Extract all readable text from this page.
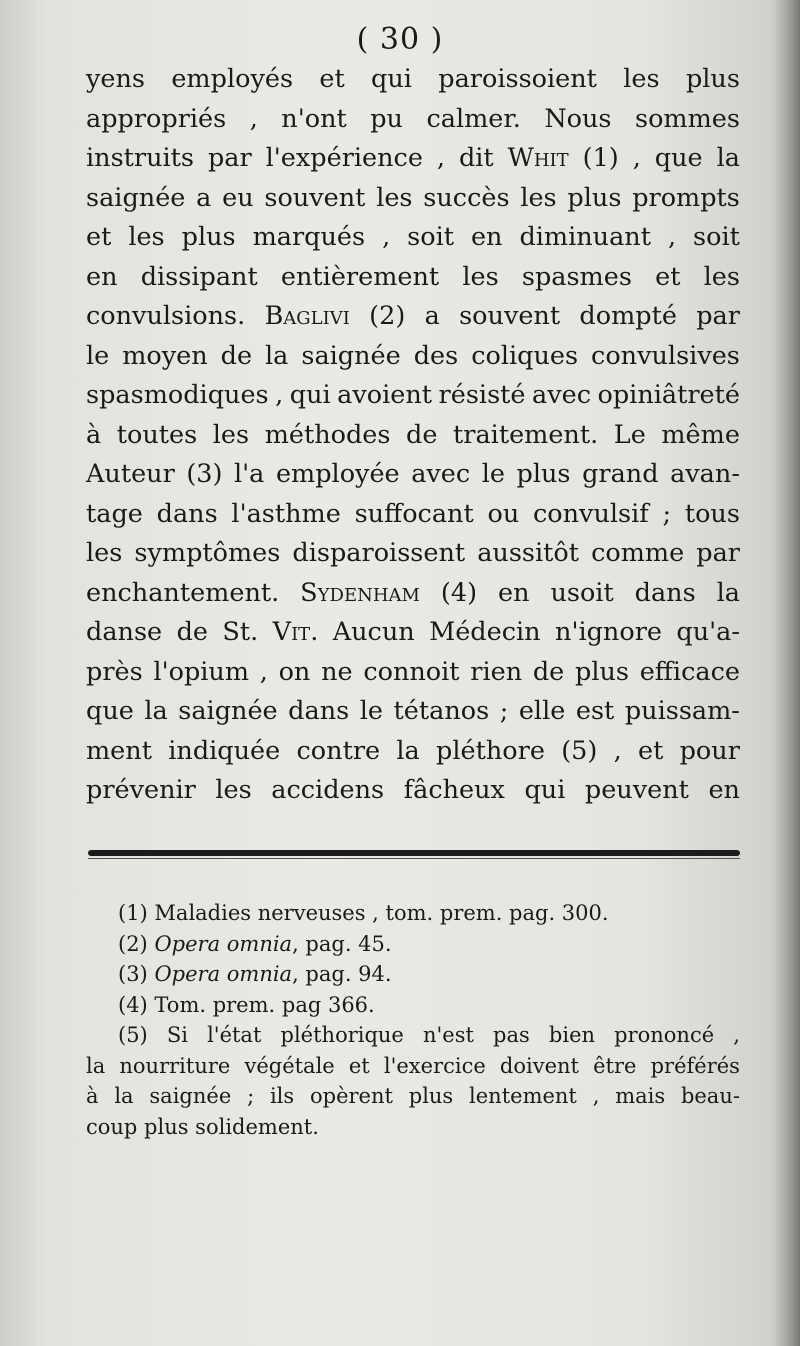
( 30 )
yens employés et qui paroissoient les plus
appropriés , n'ont pu calmer. Nous sommes
instruits par l'expérience , dit Whit (1) , que la
saignée a eu souvent les succès les plus prompts
et les plus marqués , soit en diminuant , soit
en dissipant entièrement les spasmes et les
convulsions. Baglivi (2) a souvent dompté par
le moyen de la saignée des coliques convulsives
spasmodiques , qui avoient résisté avec opiniâtreté
à toutes les méthodes de traitement. Le même
Auteur (3) l'a employée avec le plus grand avan-
tage dans l'asthme suffocant ou convulsif ; tous
les symptômes disparoissent aussitôt comme par
enchantement. Sydenham (4) en usoit dans la
danse de St. Vit. Aucun Médecin n'ignore qu'a-
près l'opium , on ne connoit rien de plus efficace
que la saignée dans le tétanos ; elle est puissam-
ment indiquée contre la pléthore (5) , et pour
prévenir les accidens fâcheux qui peuvent en
(1) Maladies nerveuses , tom. prem. pag. 300.
(2) Opera omnia, pag. 45.
(3) Opera omnia, pag. 94.
(4) Tom. prem. pag 366.
(5) Si l'état pléthorique n'est pas bien prononcé ,
la nourriture végétale et l'exercice doivent être préférés
à la saignée ; ils opèrent plus lentement , mais beau-
coup plus solidement.
